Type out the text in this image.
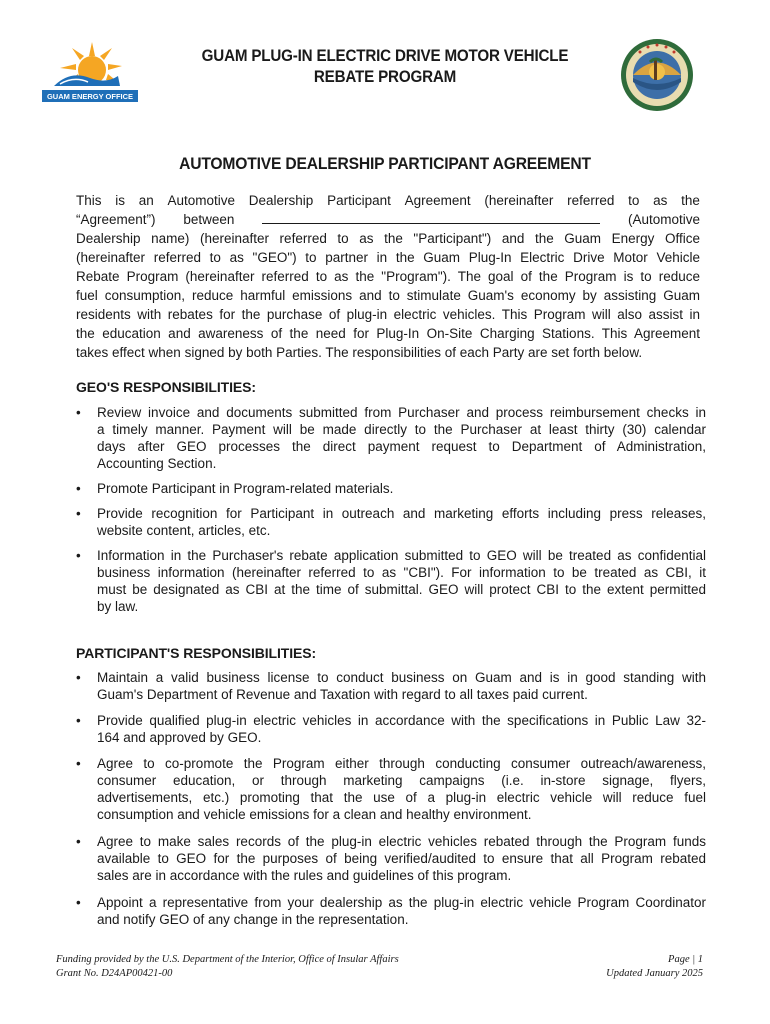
GUAM ENERGY OFFICE
GUAM PLUG-IN ELECTRIC DRIVE MOTOR VEHICLE
REBATE PROGRAM
AUTOMOTIVE DEALERSHIP PARTICIPANT AGREEMENT
This is an Automotive Dealership Participant Agreement (hereinafter referred to as the
“Agreement”) between	(Automotive
Dealership name) (hereinafter referred to as the "Participant") and the Guam Energy Office
(hereinafter referred to as "GEO") to partner in the Guam Plug-In Electric Drive Motor Vehicle
Rebate Program (hereinafter referred to as the "Program"). The goal of the Program is to reduce
fuel consumption, reduce harmful emissions and to stimulate Guam's economy by assisting Guam
residents with rebates for the purchase of plug-in electric vehicles. This Program will also assist in
the education and awareness of the need for Plug-In On-Site Charging Stations. This Agreement
takes effect when signed by both Parties. The responsibilities of each Party are set forth below.
GEO'S RESPONSIBILITIES:
• Review invoice and documents submitted from Purchaser and process reimbursement checks in
a timely manner. Payment will be made directly to the Purchaser at least thirty (30) calendar
days after GEO processes the direct payment request to Department of Administration,
Accounting Section.
• Promote Participant in Program-related materials.
• Provide recognition for Participant in outreach and marketing efforts including press releases,
website content, articles, etc.
• Information in the Purchaser's rebate application submitted to GEO will be treated as confidential
business information (hereinafter referred to as "CBI"). For information to be treated as CBI, it
must be designated as CBI at the time of submittal. GEO will protect CBI to the extent permitted
by law.
PARTICIPANT'S RESPONSIBILITIES:
• Maintain a valid business license to conduct business on Guam and is in good standing with
Guam's Department of Revenue and Taxation with regard to all taxes paid current.
• Provide qualified plug-in electric vehicles in accordance with the specifications in Public Law 32-
164 and approved by GEO.
• Agree to co-promote the Program either through conducting consumer outreach/awareness,
consumer education, or through marketing campaigns (i.e. in-store signage, flyers,
advertisements, etc.) promoting that the use of a plug-in electric vehicle will reduce fuel
consumption and vehicle emissions for a clean and healthy environment.
• Agree to make sales records of the plug-in electric vehicles rebated through the Program funds
available to GEO for the purposes of being verified/audited to ensure that all Program rebated
sales are in accordance with the rules and guidelines of this program.
• Appoint a representative from your dealership as the plug-in electric vehicle Program Coordinator
and notify GEO of any change in the representation.
Funding provided by the U.S. Department of the Interior, Office of Insular Affairs
Grant No. D24AP00421-00
Page | 1
Updated January 2025
